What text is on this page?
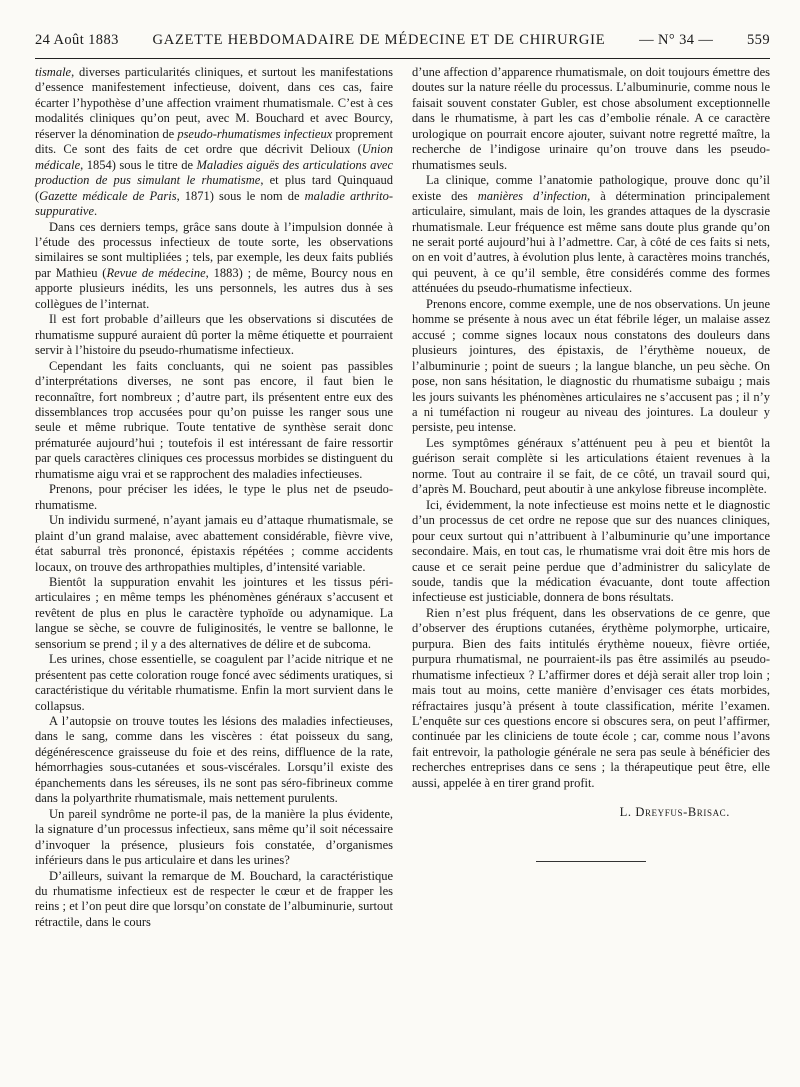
24 Août 1883 GAZETTE HEBDOMADAIRE DE MÉDECINE ET DE CHIRURGIE — N° 34 — 559

tismale, diverses particularités cliniques, et surtout les manifestations d’essence manifestement infectieuse, doivent, dans ces cas, faire écarter l’hypothèse d’une affection vraiment rhumatismale. C’est à ces modalités cliniques qu’on peut, avec M. Bouchard et avec Bourcy, réserver la dénomination de pseudo-rhumatismes infectieux proprement dits. Ce sont des faits de cet ordre que décrivit Delioux (Union médicale, 1854) sous le titre de Maladies aiguës des articulations avec production de pus simulant le rhumatisme, et plus tard Quinquaud (Gazette médicale de Paris, 1871) sous le nom de maladie arthrito-suppurative.

Dans ces derniers temps, grâce sans doute à l’impulsion donnée à l’étude des processus infectieux de toute sorte, les observations similaires se sont multipliées ; tels, par exemple, les deux faits publiés par Mathieu (Revue de médecine, 1883) ; de même, Bourcy nous en apporte plusieurs inédits, les uns personnels, les autres dus à ses collègues de l’internat.

Il est fort probable d’ailleurs que les observations si discutées de rhumatisme suppuré auraient dû porter la même étiquette et pourraient servir à l’histoire du pseudo-rhumatisme infectieux.

Cependant les faits concluants, qui ne soient pas passibles d’interprétations diverses, ne sont pas encore, il faut bien le reconnaître, fort nombreux ; d’autre part, ils présentent entre eux des dissemblances trop accusées pour qu’on puisse les ranger sous une seule et même rubrique. Toute tentative de synthèse serait donc prématurée aujourd’hui ; toutefois il est intéressant de faire ressortir par quels caractères cliniques ces processus morbides se distinguent du rhumatisme aigu vrai et se rapprochent des maladies infectieuses.

Prenons, pour préciser les idées, le type le plus net de pseudo-rhumatisme.

Un individu surmené, n’ayant jamais eu d’attaque rhumatismale, se plaint d’un grand malaise, avec abattement considérable, fièvre vive, état saburral très prononcé, épistaxis répétées ; comme accidents locaux, on trouve des arthropathies multiples, d’intensité variable.

Bientôt la suppuration envahit les jointures et les tissus péri-articulaires ; en même temps les phénomènes généraux s’accusent et revêtent de plus en plus le caractère typhoïde ou adynamique. La langue se sèche, se couvre de fuliginosités, le ventre se ballonne, le sensorium se prend ; il y a des alternatives de délire et de subcoma.

Les urines, chose essentielle, se coagulent par l’acide nitrique et ne présentent pas cette coloration rouge foncé avec sédiments uratiques, si caractéristique du véritable rhumatisme. Enfin la mort survient dans le collapsus.

A l’autopsie on trouve toutes les lésions des maladies infectieuses, dans le sang, comme dans les viscères : état poisseux du sang, dégénérescence graisseuse du foie et des reins, diffluence de la rate, hémorrhagies sous-cutanées et sous-viscérales. Lorsqu’il existe des épanchements dans les séreuses, ils ne sont pas séro-fibrineux comme dans la polyarthrite rhumatismale, mais nettement purulents.

Un pareil syndrôme ne porte-il pas, de la manière la plus évidente, la signature d’un processus infectieux, sans même qu’il soit nécessaire d’invoquer la présence, plusieurs fois constatée, d’organismes inférieurs dans le pus articulaire et dans les urines?

D’ailleurs, suivant la remarque de M. Bouchard, la caractéristique du rhumatisme infectieux est de respecter le cœur et de frapper les reins ; et l’on peut dire que lorsqu’on constate de l’albuminurie, surtout rétractile, dans le cours

d’une affection d’apparence rhumatismale, on doit toujours émettre des doutes sur la nature réelle du processus. L’albuminurie, comme nous le faisait souvent constater Gubler, est chose absolument exceptionnelle dans le rhumatisme, à part les cas d’embolie rénale. A ce caractère urologique on pourrait encore ajouter, suivant notre regretté maître, la recherche de l’indigose urinaire qu’on trouve dans les pseudo-rhumatismes seuls.

La clinique, comme l’anatomie pathologique, prouve donc qu’il existe des manières d’infection, à détermination principalement articulaire, simulant, mais de loin, les grandes attaques de la dyscrasie rhumatismale. Leur fréquence est même sans doute plus grande qu’on ne serait porté aujourd’hui à l’admettre. Car, à côté de ces faits si nets, on en voit d’autres, à évolution plus lente, à caractères moins tranchés, qui peuvent, à ce qu’il semble, être considérés comme des formes atténuées du pseudo-rhumatisme infectieux.

Prenons encore, comme exemple, une de nos observations. Un jeune homme se présente à nous avec un état fébrile léger, un malaise assez accusé ; comme signes locaux nous constatons des douleurs dans plusieurs jointures, des épistaxis, de l’érythème noueux, de l’albuminurie ; point de sueurs ; la langue blanche, un peu sèche. On pose, non sans hésitation, le diagnostic du rhumatisme subaigu ; mais les jours suivants les phénomènes articulaires ne s’accusent pas ; il n’y a ni tuméfaction ni rougeur au niveau des jointures. La douleur y persiste, peu intense.

Les symptômes généraux s’atténuent peu à peu et bientôt la guérison serait complète si les articulations étaient revenues à la norme. Tout au contraire il se fait, de ce côté, un travail sourd qui, d’après M. Bouchard, peut aboutir à une ankylose fibreuse incomplète.

Ici, évidemment, la note infectieuse est moins nette et le diagnostic d’un processus de cet ordre ne repose que sur des nuances cliniques, pour ceux surtout qui n’attribuent à l’albuminurie qu’une importance secondaire. Mais, en tout cas, le rhumatisme vrai doit être mis hors de cause et ce serait peine perdue que d’administrer du salicylate de soude, tandis que la médication évacuante, dont toute affection infectieuse est justiciable, donnera de bons résultats.

Rien n’est plus fréquent, dans les observations de ce genre, que d’observer des éruptions cutanées, érythème polymorphe, urticaire, purpura. Bien des faits intitulés érythème noueux, fièvre ortiée, purpura rhumatismal, ne pourraient-ils pas être assimilés au pseudo-rhumatisme infectieux ? L’affirmer dores et déjà serait aller trop loin ; mais tout au moins, cette manière d’envisager ces états morbides, réfractaires jusqu’à présent à toute classification, mérite l’examen. L’enquête sur ces questions encore si obscures sera, on peut l’affirmer, continuée par les cliniciens de toute école ; car, comme nous l’avons fait entrevoir, la pathologie générale ne sera pas seule à bénéficier des recherches entreprises dans ce sens ; la thérapeutique peut être, elle aussi, appelée à en tirer grand profit.

L. Dreyfus-Brisac.
